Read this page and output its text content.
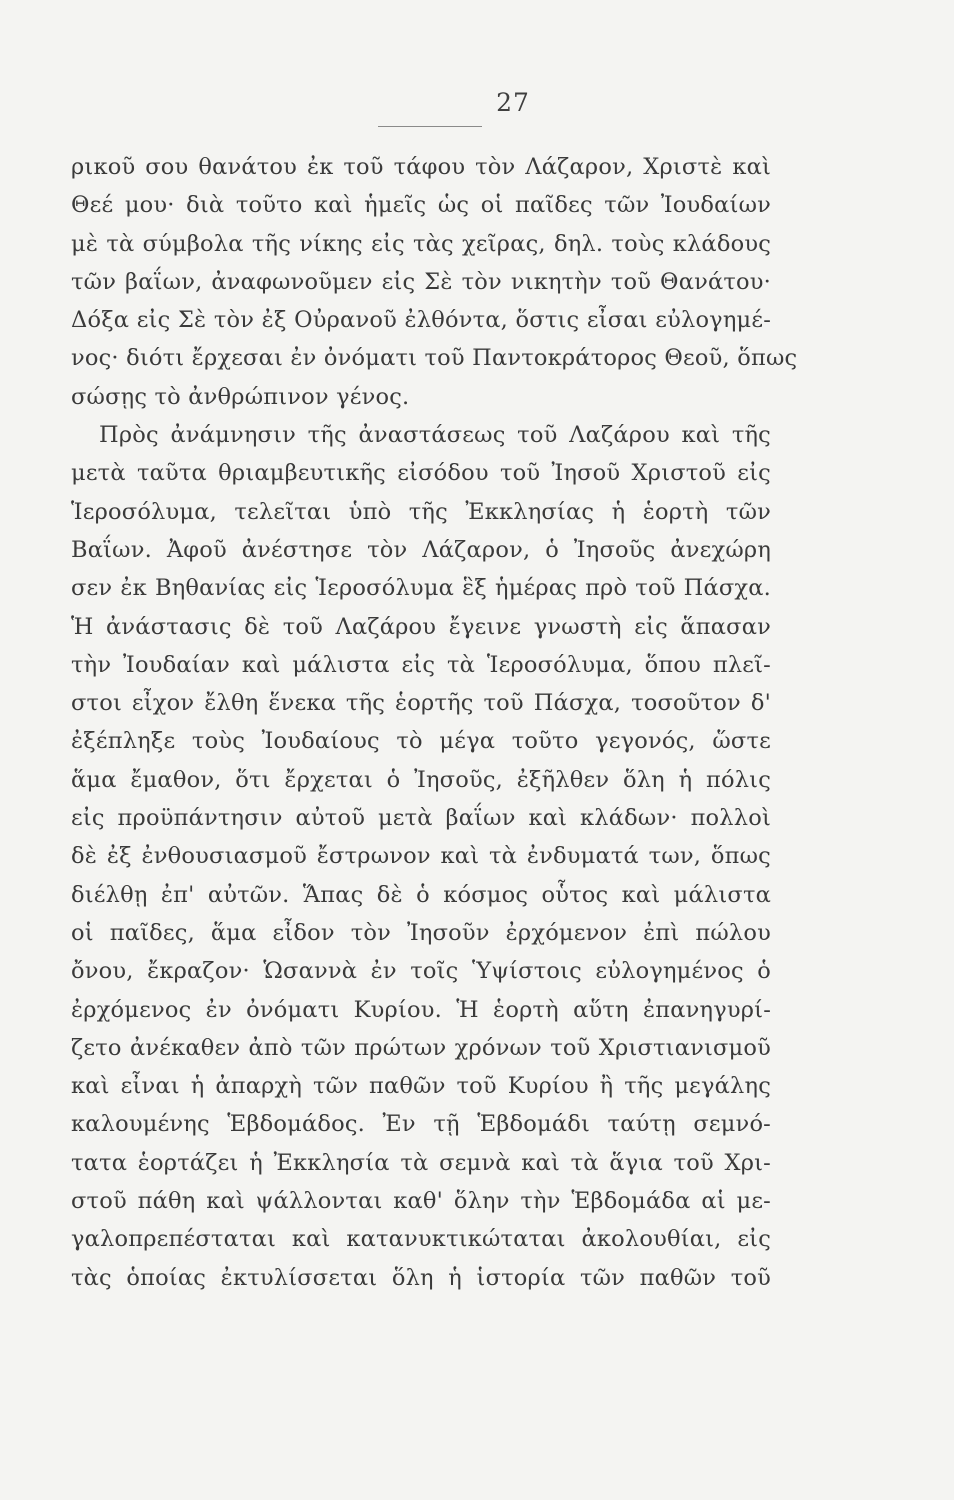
27
ρικοῦ σου θανάτου ἐκ τοῦ τάφου τὸν Λάζαρον, Χριστὲ καὶ
Θεέ μου· διὰ τοῦτο καὶ ἡμεῖς ὡς οἱ παῖδες τῶν Ἰουδαίων
μὲ τὰ σύμβολα τῆς νίκης εἰς τὰς χεῖρας, δηλ. τοὺς κλάδους
τῶν βαΐων, ἀναφωνοῦμεν εἰς Σὲ τὸν νικητὴν τοῦ Θανάτου·
Δόξα εἰς Σὲ τὸν ἐξ Οὐρανοῦ ἐλθόντα, ὅστις εἶσαι εὐλογημέ-
νος· διότι ἔρχεσαι ἐν ὀνόματι τοῦ Παντοκράτορος Θεοῦ, ὅπως
σώσῃς τὸ ἀνθρώπινον γένος.
Πρὸς ἀνάμνησιν τῆς ἀναστάσεως τοῦ Λαζάρου καὶ τῆς
μετὰ ταῦτα θριαμβευτικῆς εἰσόδου τοῦ Ἰησοῦ Χριστοῦ εἰς
Ἱεροσόλυμα, τελεῖται ὑπὸ τῆς Ἐκκλησίας ἡ ἑορτὴ τῶν
Βαΐων. Ἀφοῦ ἀνέστησε τὸν Λάζαρον, ὁ Ἰησοῦς ἀνεχώρη
σεν ἐκ Βηθανίας εἰς Ἱεροσόλυμα ἓξ ἡμέρας πρὸ τοῦ Πάσχα.
Ἡ ἀνάστασις δὲ τοῦ Λαζάρου ἔγεινε γνωστὴ εἰς ἅπασαν
τὴν Ἰουδαίαν καὶ μάλιστα εἰς τὰ Ἱεροσόλυμα, ὅπου πλεῖ-
στοι εἶχον ἔλθη ἕνεκα τῆς ἑορτῆς τοῦ Πάσχα, τοσοῦτον δ'
ἐξέπληξε τοὺς Ἰουδαίους τὸ μέγα τοῦτο γεγονός, ὥστε
ἅμα ἔμαθον, ὅτι ἔρχεται ὁ Ἰησοῦς, ἐξῆλθεν ὅλη ἡ πόλις
εἰς προϋπάντησιν αὐτοῦ μετὰ βαΐων καὶ κλάδων· πολλοὶ
δὲ ἐξ ἐνθουσιασμοῦ ἔστρωνον καὶ τὰ ἐνδυματά των, ὅπως
διέλθῃ ἐπ' αὐτῶν. Ἅπας δὲ ὁ κόσμος οὗτος καὶ μάλιστα
οἱ παῖδες, ἅμα εἶδον τὸν Ἰησοῦν ἐρχόμενον ἐπὶ πώλου
ὄνου, ἔκραζον· Ὡσαννὰ ἐν τοῖς Ὑψίστοις εὐλογημένος ὁ
ἐρχόμενος ἐν ὀνόματι Κυρίου. Ἡ ἑορτὴ αὕτη ἐπανηγυρί-
ζετο ἀνέκαθεν ἀπὸ τῶν πρώτων χρόνων τοῦ Χριστιανισμοῦ
καὶ εἶναι ἡ ἀπαρχὴ τῶν παθῶν τοῦ Κυρίου ἢ τῆς μεγάλης
καλουμένης Ἑβδομάδος. Ἐν τῇ Ἑβδομάδι ταύτῃ σεμνό-
τατα ἑορτάζει ἡ Ἐκκλησία τὰ σεμνὰ καὶ τὰ ἅγια τοῦ Χρι-
στοῦ πάθη καὶ ψάλλονται καθ' ὅλην τὴν Ἑβδομάδα αἱ με-
γαλοπρεπέσταται καὶ κατανυκτικώταται ἀκολουθίαι, εἰς
τὰς ὁποίας ἐκτυλίσσεται ὅλη ἡ ἱστορία τῶν παθῶν τοῦ
